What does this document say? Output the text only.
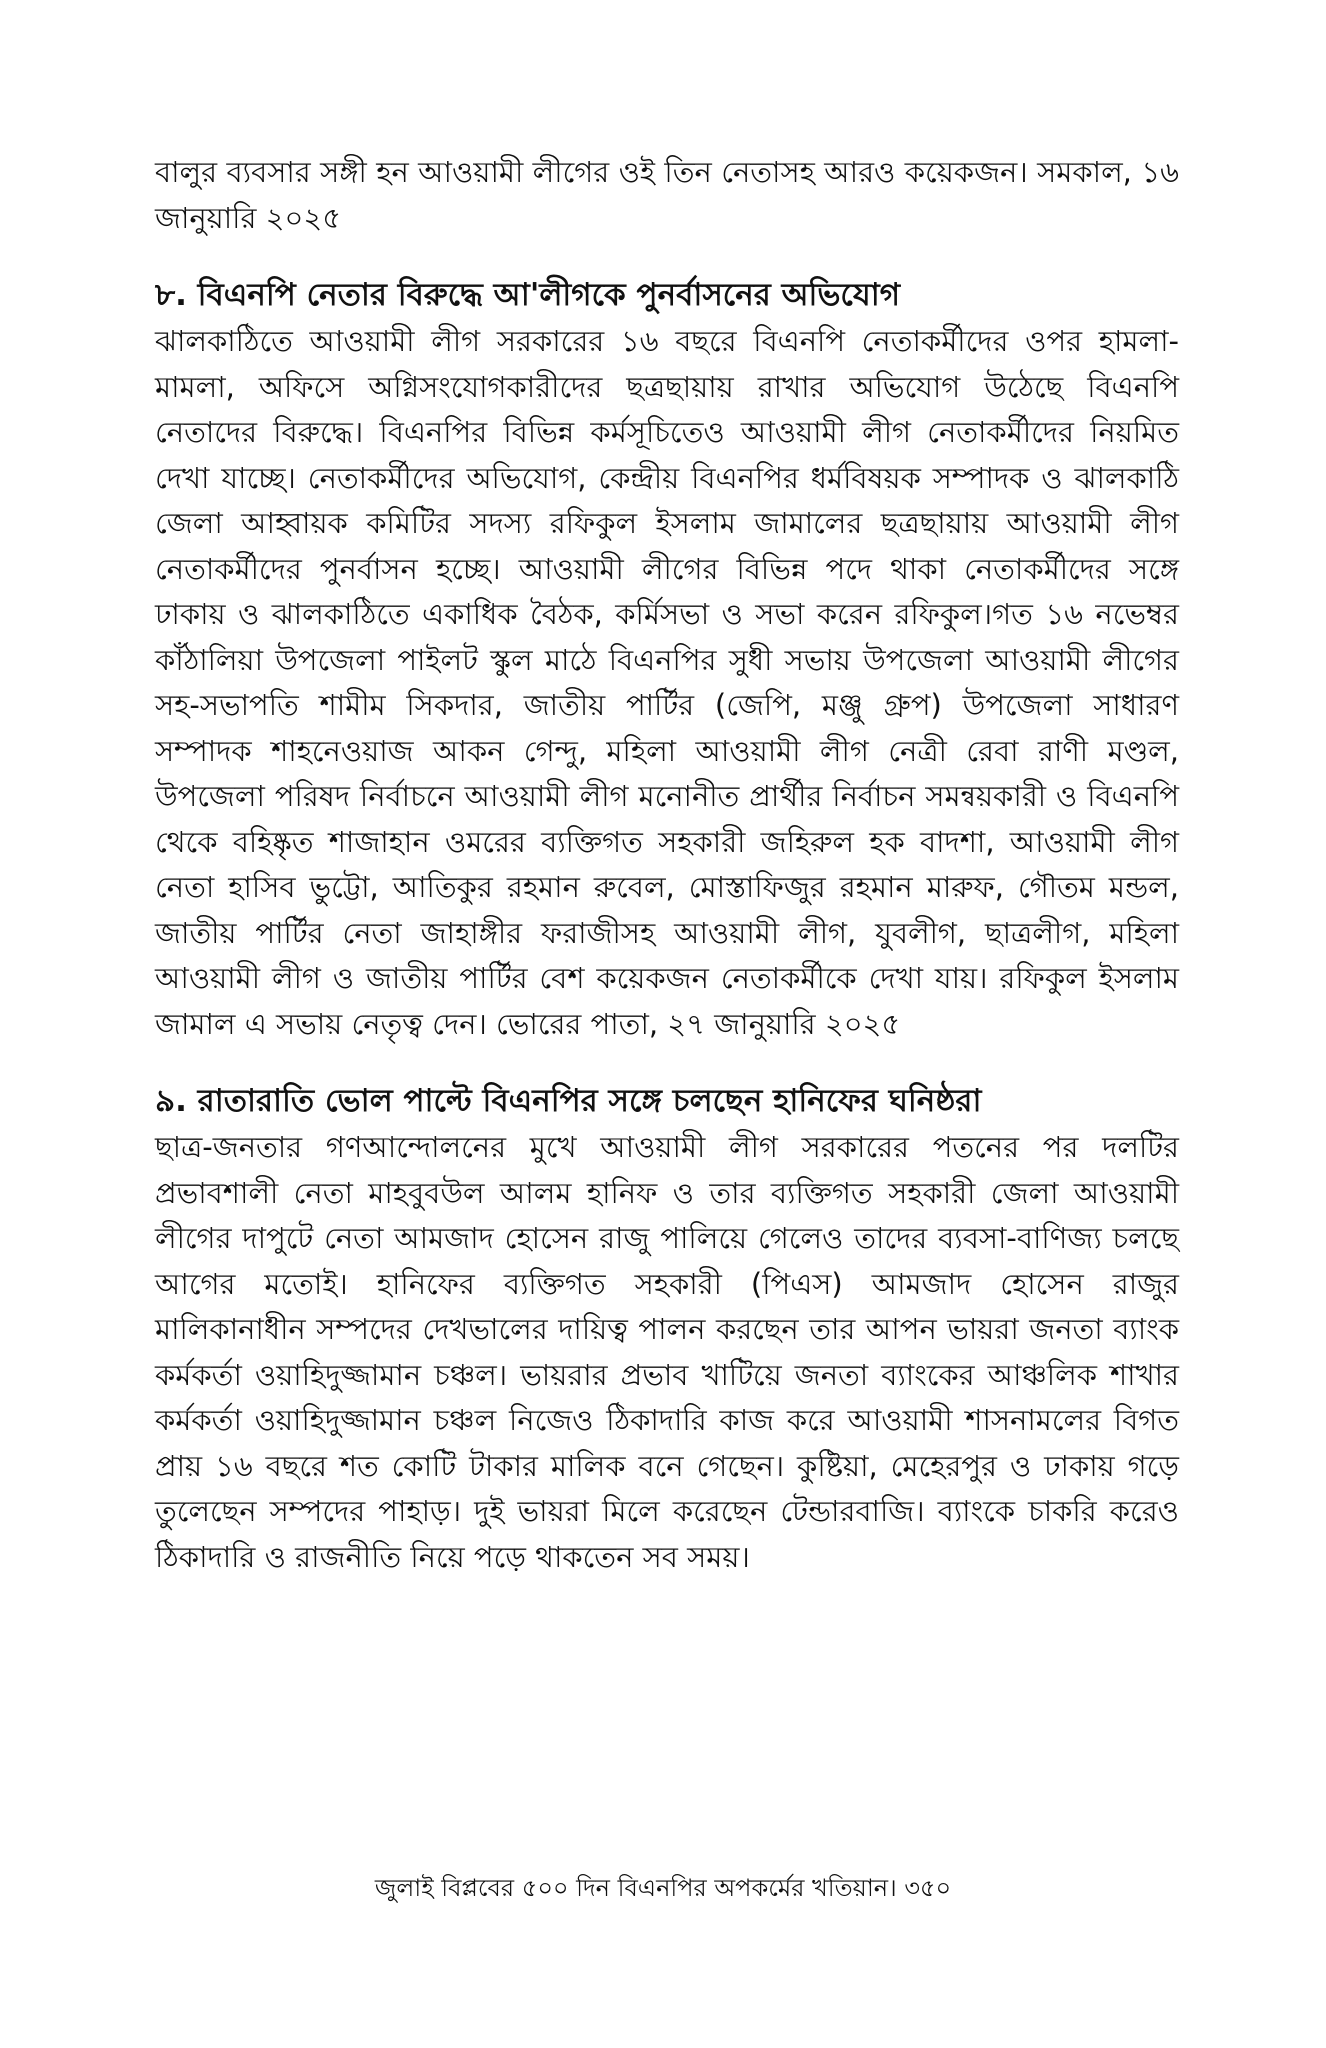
বালুর ব্যবসার সঙ্গী হন আওয়ামী লীগের ওই তিন নেতাসহ আরও কয়েকজন। সমকাল, ১৬ জানুয়ারি ২০২৫

৮. বিএনপি নেতার বিরুদ্ধে আ'লীগকে পুনর্বাসনের অভিযোগ

ঝালকাঠিতে আওয়ামী লীগ সরকারের ১৬ বছরে বিএনপি নেতাকর্মীদের ওপর হামলা-মামলা, অফিসে অগ্নিসংযোগকারীদের ছত্রছায়ায় রাখার অভিযোগ উঠেছে বিএনপি নেতাদের বিরুদ্ধে। বিএনপির বিভিন্ন কর্মসূচিতেও আওয়ামী লীগ নেতাকর্মীদের নিয়মিত দেখা যাচ্ছে। নেতাকর্মীদের অভিযোগ, কেন্দ্রীয় বিএনপির ধর্মবিষয়ক সম্পাদক ও ঝালকাঠি জেলা আহ্বায়ক কমিটির সদস্য রফিকুল ইসলাম জামালের ছত্রছায়ায় আওয়ামী লীগ নেতাকর্মীদের পুনর্বাসন হচ্ছে। আওয়ামী লীগের বিভিন্ন পদে থাকা নেতাকর্মীদের সঙ্গে ঢাকায় ও ঝালকাঠিতে একাধিক বৈঠক, কর্মিসভা ও সভা করেন রফিকুল।গত ১৬ নভেম্বর কাঁঠালিয়া উপজেলা পাইলট স্কুল মাঠে বিএনপির সুধী সভায় উপজেলা আওয়ামী লীগের সহ-সভাপতি শামীম সিকদার, জাতীয় পার্টির (জেপি, মঞ্জু গ্রুপ) উপজেলা সাধারণ সম্পাদক শাহনেওয়াজ আকন গেন্দু, মহিলা আওয়ামী লীগ নেত্রী রেবা রাণী মণ্ডল, উপজেলা পরিষদ নির্বাচনে আওয়ামী লীগ মনোনীত প্রার্থীর নির্বাচন সমন্বয়কারী ও বিএনপি থেকে বহিষ্কৃত শাজাহান ওমরের ব্যক্তিগত সহকারী জহিরুল হক বাদশা, আওয়ামী লীগ নেতা হাসিব ভুট্টো, আতিকুর রহমান রুবেল, মোস্তাফিজুর রহমান মারুফ, গৌতম মন্ডল, জাতীয় পার্টির নেতা জাহাঙ্গীর ফরাজীসহ আওয়ামী লীগ, যুবলীগ, ছাত্রলীগ, মহিলা আওয়ামী লীগ ও জাতীয় পার্টির বেশ কয়েকজন নেতাকর্মীকে দেখা যায়। রফিকুল ইসলাম জামাল এ সভায় নেতৃত্ব দেন। ভোরের পাতা, ২৭ জানুয়ারি ২০২৫

৯. রাতারাতি ভোল পাল্টে বিএনপির সঙ্গে চলছেন হানিফের ঘনিষ্ঠরা

ছাত্র-জনতার গণআন্দোলনের মুখে আওয়ামী লীগ সরকারের পতনের পর দলটির প্রভাবশালী নেতা মাহবুবউল আলম হানিফ ও তার ব্যক্তিগত সহকারী জেলা আওয়ামী লীগের দাপুটে নেতা আমজাদ হোসেন রাজু পালিয়ে গেলেও তাদের ব্যবসা-বাণিজ্য চলছে আগের মতোই। হানিফের ব্যক্তিগত সহকারী (পিএস) আমজাদ হোসেন রাজুর মালিকানাধীন সম্পদের দেখভালের দায়িত্ব পালন করছেন তার আপন ভায়রা জনতা ব্যাংক কর্মকর্তা ওয়াহিদুজ্জামান চঞ্চল। ভায়রার প্রভাব খাটিয়ে জনতা ব্যাংকের আঞ্চলিক শাখার কর্মকর্তা ওয়াহিদুজ্জামান চঞ্চল নিজেও ঠিকাদারি কাজ করে আওয়ামী শাসনামলের বিগত প্রায় ১৬ বছরে শত কোটি টাকার মালিক বনে গেছেন। কুষ্টিয়া, মেহেরপুর ও ঢাকায় গড়ে তুলেছেন সম্পদের পাহাড়। দুই ভায়রা মিলে করেছেন টেন্ডারবাজি। ব্যাংকে চাকরি করেও ঠিকাদারি ও রাজনীতি নিয়ে পড়ে থাকতেন সব সময়।

জুলাই বিপ্লবের ৫০০ দিন বিএনপির অপকর্মের খতিয়ান। ৩৫০
